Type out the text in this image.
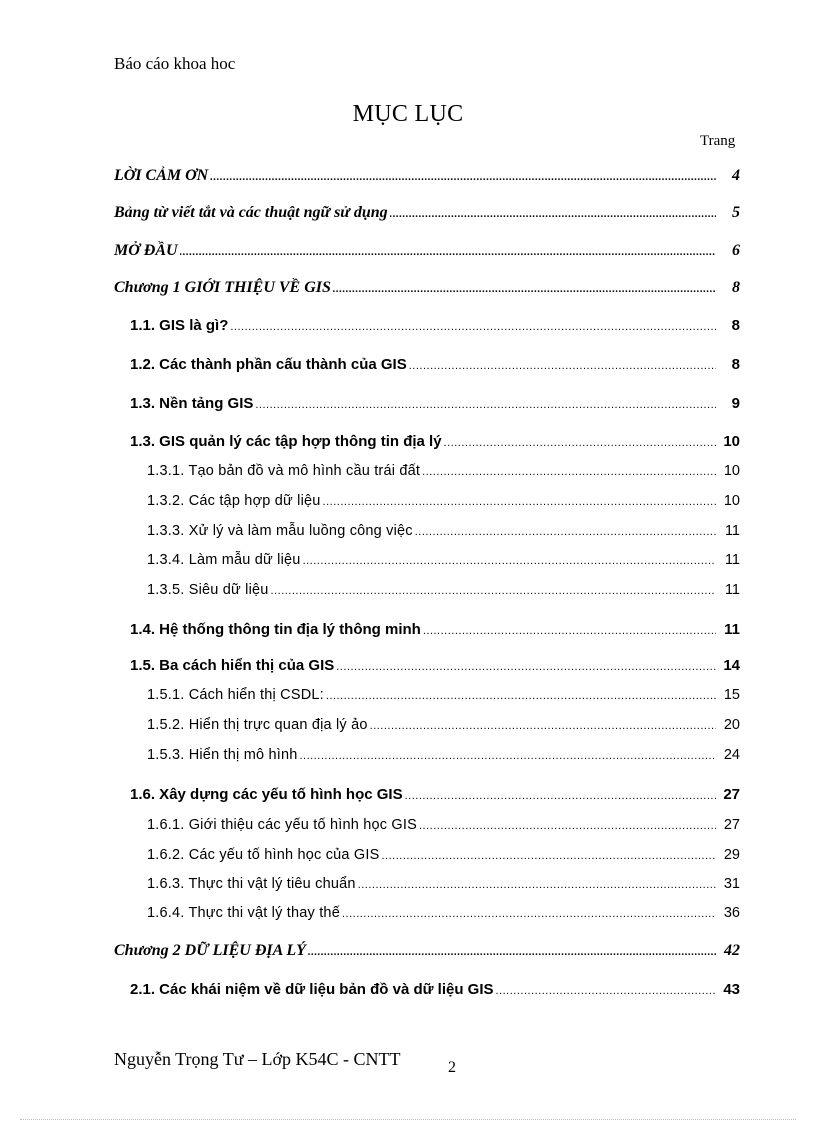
Báo cáo khoa hoc
MỤC LỤC
Trang
LỜI CẢM ƠN .....	4
Bảng từ viết tắt và các thuật ngữ sử dụng .....	5
MỞ ĐẦU .....	6
Chương 1 GIỚI THIỆU VỀ GIS .....	8
1.1. GIS là gì? .....	8
1.2. Các thành phần cấu thành của GIS .....	8
1.3. Nền tảng GIS .....	9
1.3. GIS quản lý các tập hợp thông tin địa lý .....	10
1.3.1. Tạo bản đồ và mô hình cầu trái đất .....	10
1.3.2. Các tập hợp dữ liệu .....	10
1.3.3. Xử lý và làm mẫu luồng công việc .....	11
1.3.4. Làm mẫu dữ liệu .....	11
1.3.5. Siêu dữ liệu .....	11
1.4. Hệ thống thông tin địa lý thông minh .....	11
1.5. Ba cách hiển thị của GIS .....	14
1.5.1. Cách hiển thị CSDL: .....	15
1.5.2. Hiển thị trực quan địa lý ảo .....	20
1.5.3. Hiển thị mô hình .....	24
1.6. Xây dựng các yếu tố hình học GIS .....	27
1.6.1. Giới thiệu các yếu tố hình học GIS .....	27
1.6.2. Các yếu tố hình học của GIS .....	29
1.6.3. Thực thi vật lý tiêu chuẩn .....	31
1.6.4. Thực thi vật lý thay thế .....	36
Chương 2 DỮ LIỆU ĐỊA LÝ .....	42
2.1. Các khái niệm về dữ liệu bản đồ và dữ liệu GIS .....	43
Nguyễn Trọng Tư – Lớp K54C - CNTT	2
